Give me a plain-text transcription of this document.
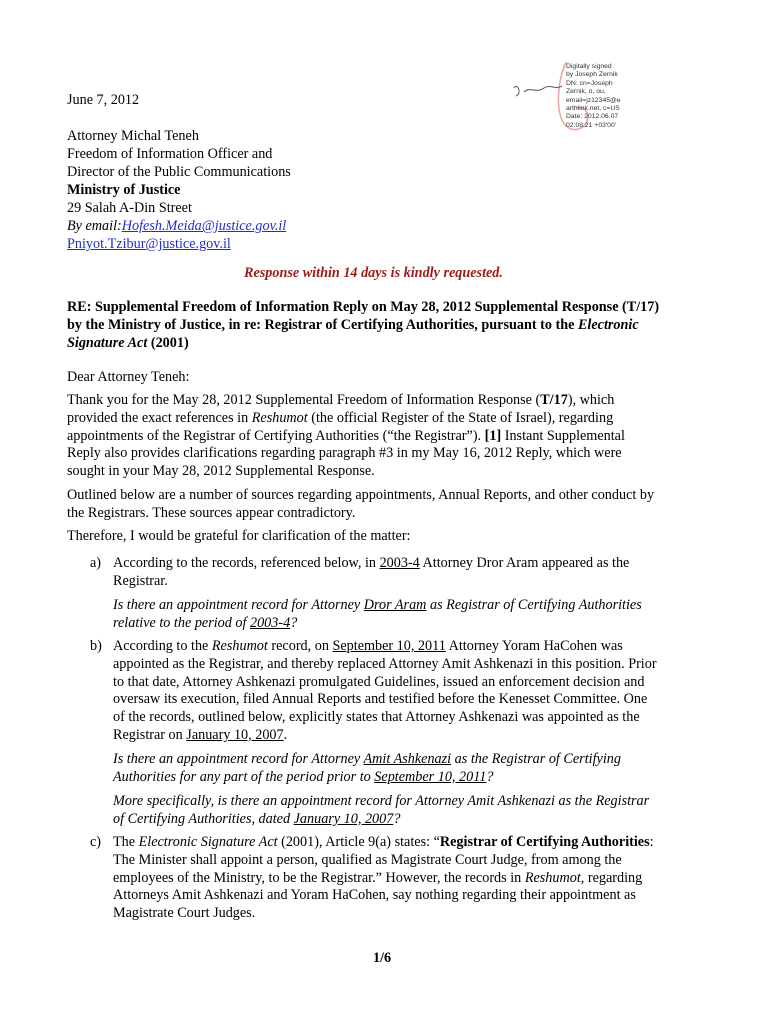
Digitally signed
by Joseph Zernik
DN: cn=Joseph
Zernik, o, ou,
email=jz12345@e
arthlink.net, c=US
Date: 2012.06.07
02:08:21 +03'00'
June 7, 2012
Attorney Michal Teneh
Freedom of Information Officer and
Director of the Public Communications
Ministry of Justice
29 Salah A-Din Street
By email:Hofesh.Meida@justice.gov.il
Pniyot.Tzibur@justice.gov.il
Response within 14 days is kindly requested.
RE: Supplemental Freedom of Information Reply on May 28, 2012 Supplemental Response (T/17)
by the Ministry of Justice, in re: Registrar of Certifying Authorities, pursuant to the Electronic
Signature Act (2001)
Dear Attorney Teneh:
Thank you for the May 28, 2012 Supplemental Freedom of Information Response (T/17), which
provided the exact references in Reshumot (the official Register of the State of Israel), regarding
appointments of the Registrar of Certifying Authorities (“the Registrar”). [1] Instant Supplemental
Reply also provides clarifications regarding paragraph #3 in my May 16, 2012 Reply, which were
sought in your May 28, 2012 Supplemental Response.
Outlined below are a number of sources regarding appointments, Annual Reports, and other conduct by
the Registrars. These sources appear contradictory.
Therefore, I would be grateful for clarification of the matter:
a) According to the records, referenced below, in 2003-4 Attorney Dror Aram appeared as the
Registrar.
Is there an appointment record for Attorney Dror Aram as Registrar of Certifying Authorities
relative to the period of 2003-4?
b) According to the Reshumot record, on September 10, 2011 Attorney Yoram HaCohen was
appointed as the Registrar, and thereby replaced Attorney Amit Ashkenazi in this position. Prior
to that date, Attorney Ashkenazi promulgated Guidelines, issued an enforcement decision and
oversaw its execution, filed Annual Reports and testified before the Kenesset Committee. One
of the records, outlined below, explicitly states that Attorney Ashkenazi was appointed as the
Registrar on January 10, 2007.
Is there an appointment record for Attorney Amit Ashkenazi as the Registrar of Certifying
Authorities for any part of the period prior to September 10, 2011?
More specifically, is there an appointment record for Attorney Amit Ashkenazi as the Registrar
of Certifying Authorities, dated January 10, 2007?
c) The Electronic Signature Act (2001), Article 9(a) states: “Registrar of Certifying Authorities:
The Minister shall appoint a person, qualified as Magistrate Court Judge, from among the
employees of the Ministry, to be the Registrar.” However, the records in Reshumot, regarding
Attorneys Amit Ashkenazi and Yoram HaCohen, say nothing regarding their appointment as
Magistrate Court Judges.
1/6
